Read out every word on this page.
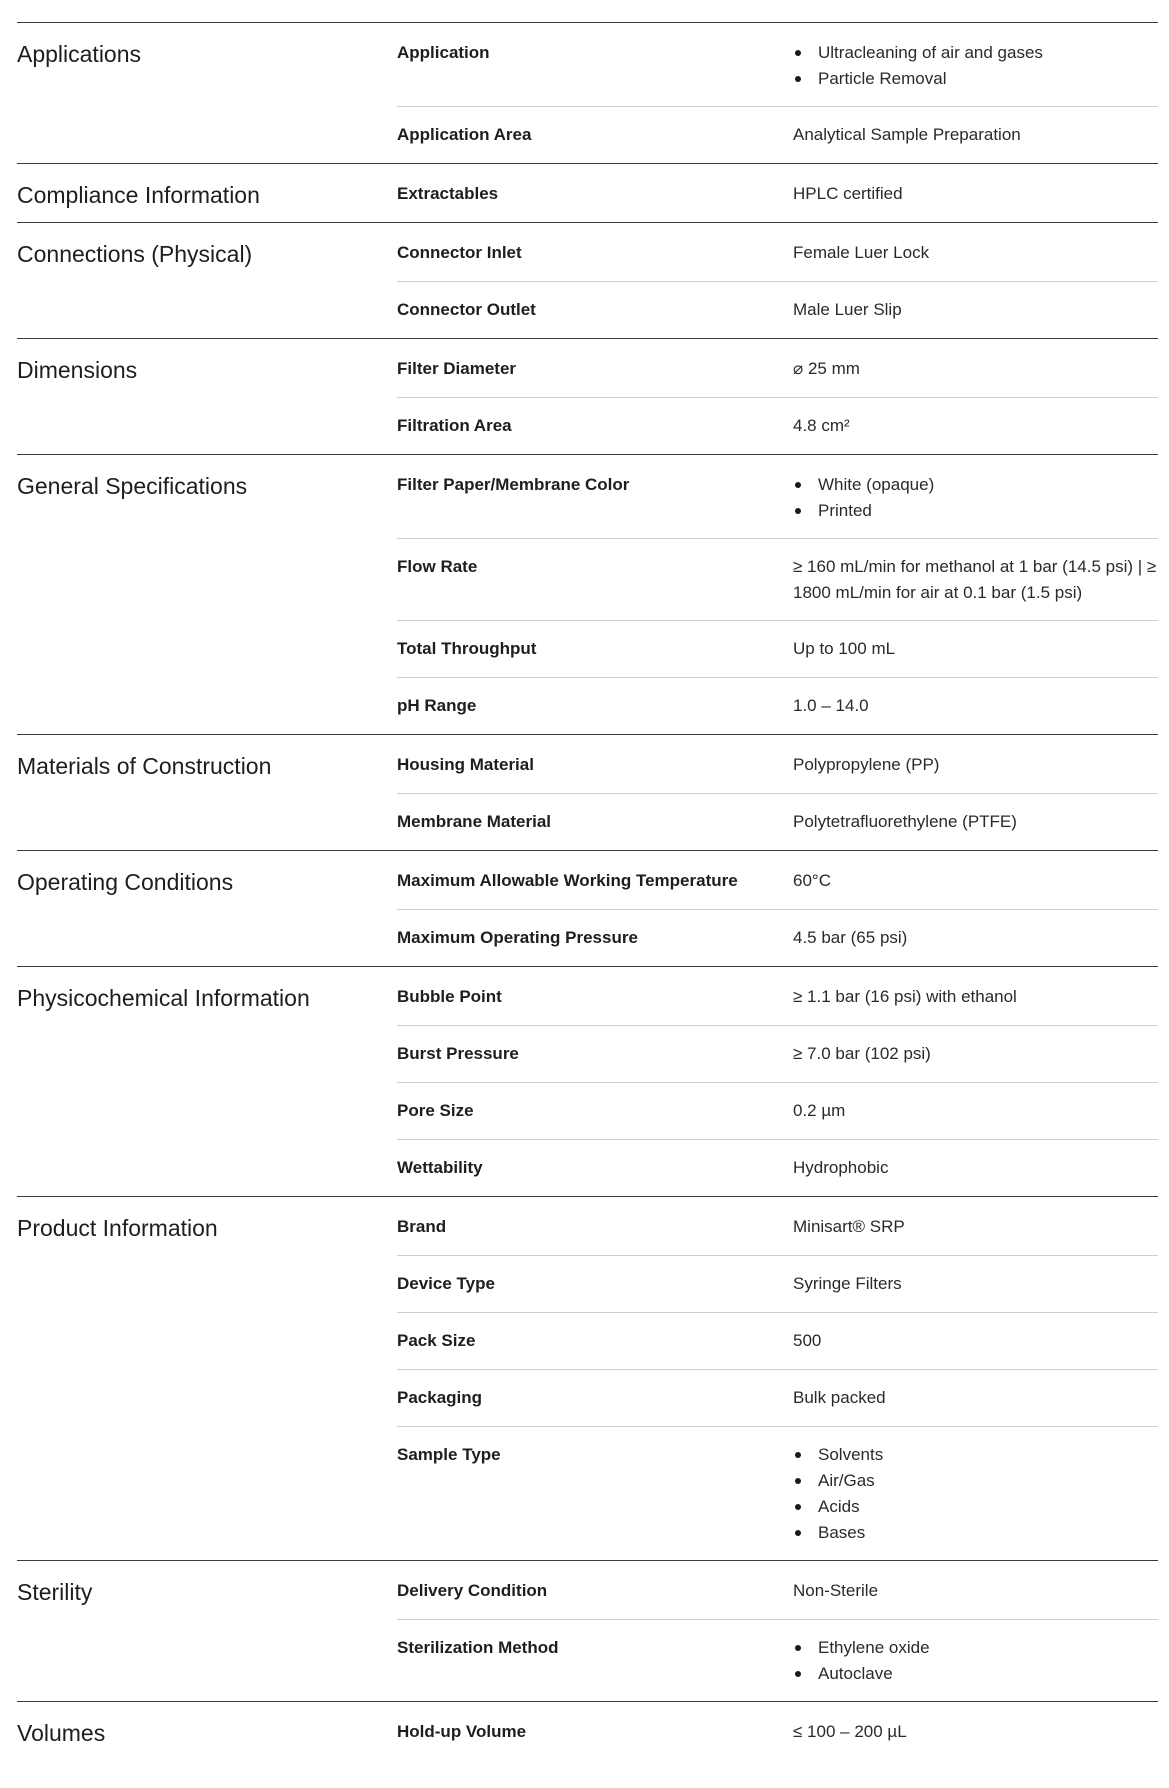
Applications	Application	Ultracleaning of air and gases
Particle Removal
Application Area	Analytical Sample Preparation
Compliance Information	Extractables	HPLC certified
Connections (Physical)	Connector Inlet	Female Luer Lock
Connector Outlet	Male Luer Slip
Dimensions	Filter Diameter	⌀ 25 mm
Filtration Area	4.8 cm²
General Specifications	Filter Paper/Membrane Color	White (opaque)
Printed
Flow Rate	≥ 160 mL/min for methanol at 1 bar (14.5 psi) | ≥ 1800 mL/min for air at 0.1 bar (1.5 psi)
Total Throughput	Up to 100 mL
pH Range	1.0 – 14.0
Materials of Construction	Housing Material	Polypropylene (PP)
Membrane Material	Polytetrafluorethylene (PTFE)
Operating Conditions	Maximum Allowable Working Temperature	60°C
Maximum Operating Pressure	4.5 bar (65 psi)
Physicochemical Information	Bubble Point	≥ 1.1 bar (16 psi) with ethanol
Burst Pressure	≥ 7.0 bar (102 psi)
Pore Size	0.2 µm
Wettability	Hydrophobic
Product Information	Brand	Minisart® SRP
Device Type	Syringe Filters
Pack Size	500
Packaging	Bulk packed
Sample Type	Solvents
Air/Gas
Acids
Bases
Sterility	Delivery Condition	Non-Sterile
Sterilization Method	Ethylene oxide
Autoclave
Volumes	Hold-up Volume	≤ 100 – 200 µL
